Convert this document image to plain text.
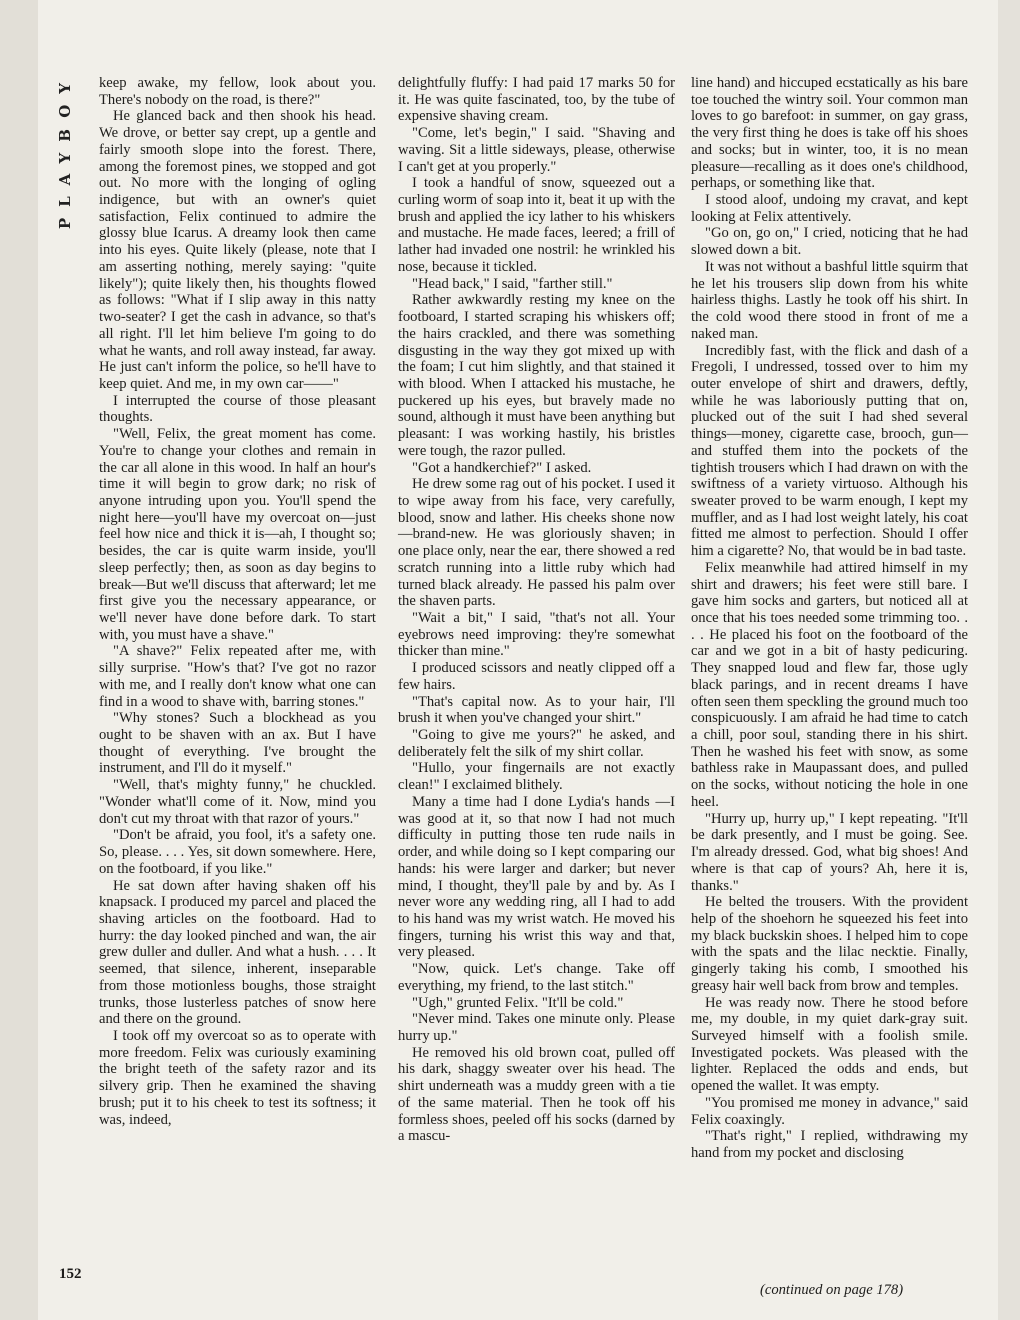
PLAYBOY keep awake, my fellow, look about you. There's nobody on the road, is there?"

He glanced back and then shook his head. We drove, or better say crept, up a gentle and fairly smooth slope into the forest. There, among the foremost pines, we stopped and got out. No more with the longing of ogling indigence, but with an owner's quiet satisfaction, Felix continued to admire the glossy blue Icarus. A dreamy look then came into his eyes. Quite likely (please, note that I am asserting nothing, merely saying: "quite likely"); quite likely then, his thoughts flowed as follows: "What if I slip away in this natty two-seater? I get the cash in advance, so that's all right. I'll let him believe I'm going to do what he wants, and roll away instead, far away. He just can't inform the police, so he'll have to keep quiet. And me, in my own car——"

I interrupted the course of those pleasant thoughts.

"Well, Felix, the great moment has come. You're to change your clothes and remain in the car all alone in this wood. In half an hour's time it will begin to grow dark; no risk of anyone intruding upon you. You'll spend the night here—you'll have my overcoat on—just feel how nice and thick it is—ah, I thought so; besides, the car is quite warm inside, you'll sleep perfectly; then, as soon as day begins to break—But we'll discuss that afterward; let me first give you the necessary appearance, or we'll never have done before dark. To start with, you must have a shave."

"A shave?" Felix repeated after me, with silly surprise. "How's that? I've got no razor with me, and I really don't know what one can find in a wood to shave with, barring stones."

"Why stones? Such a blockhead as you ought to be shaven with an ax. But I have thought of everything. I've brought the instrument, and I'll do it myself."

"Well, that's mighty funny," he chuckled. "Wonder what'll come of it. Now, mind you don't cut my throat with that razor of yours."

"Don't be afraid, you fool, it's a safety one. So, please. . . . Yes, sit down somewhere. Here, on the footboard, if you like."

He sat down after having shaken off his knapsack. I produced my parcel and placed the shaving articles on the footboard. Had to hurry: the day looked pinched and wan, the air grew duller and duller. And what a hush. . . . It seemed, that silence, inherent, inseparable from those motionless boughs, those straight trunks, those lusterless patches of snow here and there on the ground.

I took off my overcoat so as to operate with more freedom. Felix was curiously examining the bright teeth of the safety razor and its silvery grip. Then he examined the shaving brush; put it to his cheek to test its softness; it was, indeed,

delightfully fluffy: I had paid 17 marks 50 for it. He was quite fascinated, too, by the tube of expensive shaving cream.

"Come, let's begin," I said. "Shaving and waving. Sit a little sideways, please, otherwise I can't get at you properly."

I took a handful of snow, squeezed out a curling worm of soap into it, beat it up with the brush and applied the icy lather to his whiskers and mustache. He made faces, leered; a frill of lather had invaded one nostril: he wrinkled his nose, because it tickled.

"Head back," I said, "farther still."

Rather awkwardly resting my knee on the footboard, I started scraping his whiskers off; the hairs crackled, and there was something disgusting in the way they got mixed up with the foam; I cut him slightly, and that stained it with blood. When I attacked his mustache, he puckered up his eyes, but bravely made no sound, although it must have been anything but pleasant: I was working hastily, his bristles were tough, the razor pulled.

"Got a handkerchief?" I asked.

He drew some rag out of his pocket. I used it to wipe away from his face, very carefully, blood, snow and lather. His cheeks shone now—brand-new. He was gloriously shaven; in one place only, near the ear, there showed a red scratch running into a little ruby which had turned black already. He passed his palm over the shaven parts.

"Wait a bit," I said, "that's not all. Your eyebrows need improving: they're somewhat thicker than mine."

I produced scissors and neatly clipped off a few hairs.

"That's capital now. As to your hair, I'll brush it when you've changed your shirt."

"Going to give me yours?" he asked, and deliberately felt the silk of my shirt collar.

"Hullo, your fingernails are not exactly clean!" I exclaimed blithely.

Many a time had I done Lydia's hands —I was good at it, so that now I had not much difficulty in putting those ten rude nails in order, and while doing so I kept comparing our hands: his were larger and darker; but never mind, I thought, they'll pale by and by. As I never wore any wedding ring, all I had to add to his hand was my wrist watch. He moved his fingers, turning his wrist this way and that, very pleased.

"Now, quick. Let's change. Take off everything, my friend, to the last stitch."

"Ugh," grunted Felix. "It'll be cold."

"Never mind. Takes one minute only. Please hurry up."

He removed his old brown coat, pulled off his dark, shaggy sweater over his head. The shirt underneath was a muddy green with a tie of the same material. Then he took off his formless shoes, peeled off his socks (darned by a mascu-

line hand) and hiccuped ecstatically as his bare toe touched the wintry soil. Your common man loves to go barefoot: in summer, on gay grass, the very first thing he does is take off his shoes and socks; but in winter, too, it is no mean pleasure—recalling as it does one's childhood, perhaps, or something like that.

I stood aloof, undoing my cravat, and kept looking at Felix attentively.

"Go on, go on," I cried, noticing that he had slowed down a bit.

It was not without a bashful little squirm that he let his trousers slip down from his white hairless thighs. Lastly he took off his shirt. In the cold wood there stood in front of me a naked man.

Incredibly fast, with the flick and dash of a Fregoli, I undressed, tossed over to him my outer envelope of shirt and drawers, deftly, while he was laboriously putting that on, plucked out of the suit I had shed several things—money, cigarette case, brooch, gun—and stuffed them into the pockets of the tightish trousers which I had drawn on with the swiftness of a variety virtuoso. Although his sweater proved to be warm enough, I kept my muffler, and as I had lost weight lately, his coat fitted me almost to perfection. Should I offer him a cigarette? No, that would be in bad taste.

Felix meanwhile had attired himself in my shirt and drawers; his feet were still bare. I gave him socks and garters, but noticed all at once that his toes needed some trimming too. . . . He placed his foot on the footboard of the car and we got in a bit of hasty pedicuring. They snapped loud and flew far, those ugly black parings, and in recent dreams I have often seen them speckling the ground much too conspicuously. I am afraid he had time to catch a chill, poor soul, standing there in his shirt. Then he washed his feet with snow, as some bathless rake in Maupassant does, and pulled on the socks, without noticing the hole in one heel.

"Hurry up, hurry up," I kept repeating. "It'll be dark presently, and I must be going. See. I'm already dressed. God, what big shoes! And where is that cap of yours? Ah, here it is, thanks."

He belted the trousers. With the provident help of the shoehorn he squeezed his feet into my black buckskin shoes. I helped him to cope with the spats and the lilac necktie. Finally, gingerly taking his comb, I smoothed his greasy hair well back from brow and temples.

He was ready now. There he stood before me, my double, in my quiet dark-gray suit. Surveyed himself with a foolish smile. Investigated pockets. Was pleased with the lighter. Replaced the odds and ends, but opened the wallet. It was empty.

"You promised me money in advance," said Felix coaxingly.

"That's right," I replied, withdrawing my hand from my pocket and disclosing

152

(continued on page 178)
